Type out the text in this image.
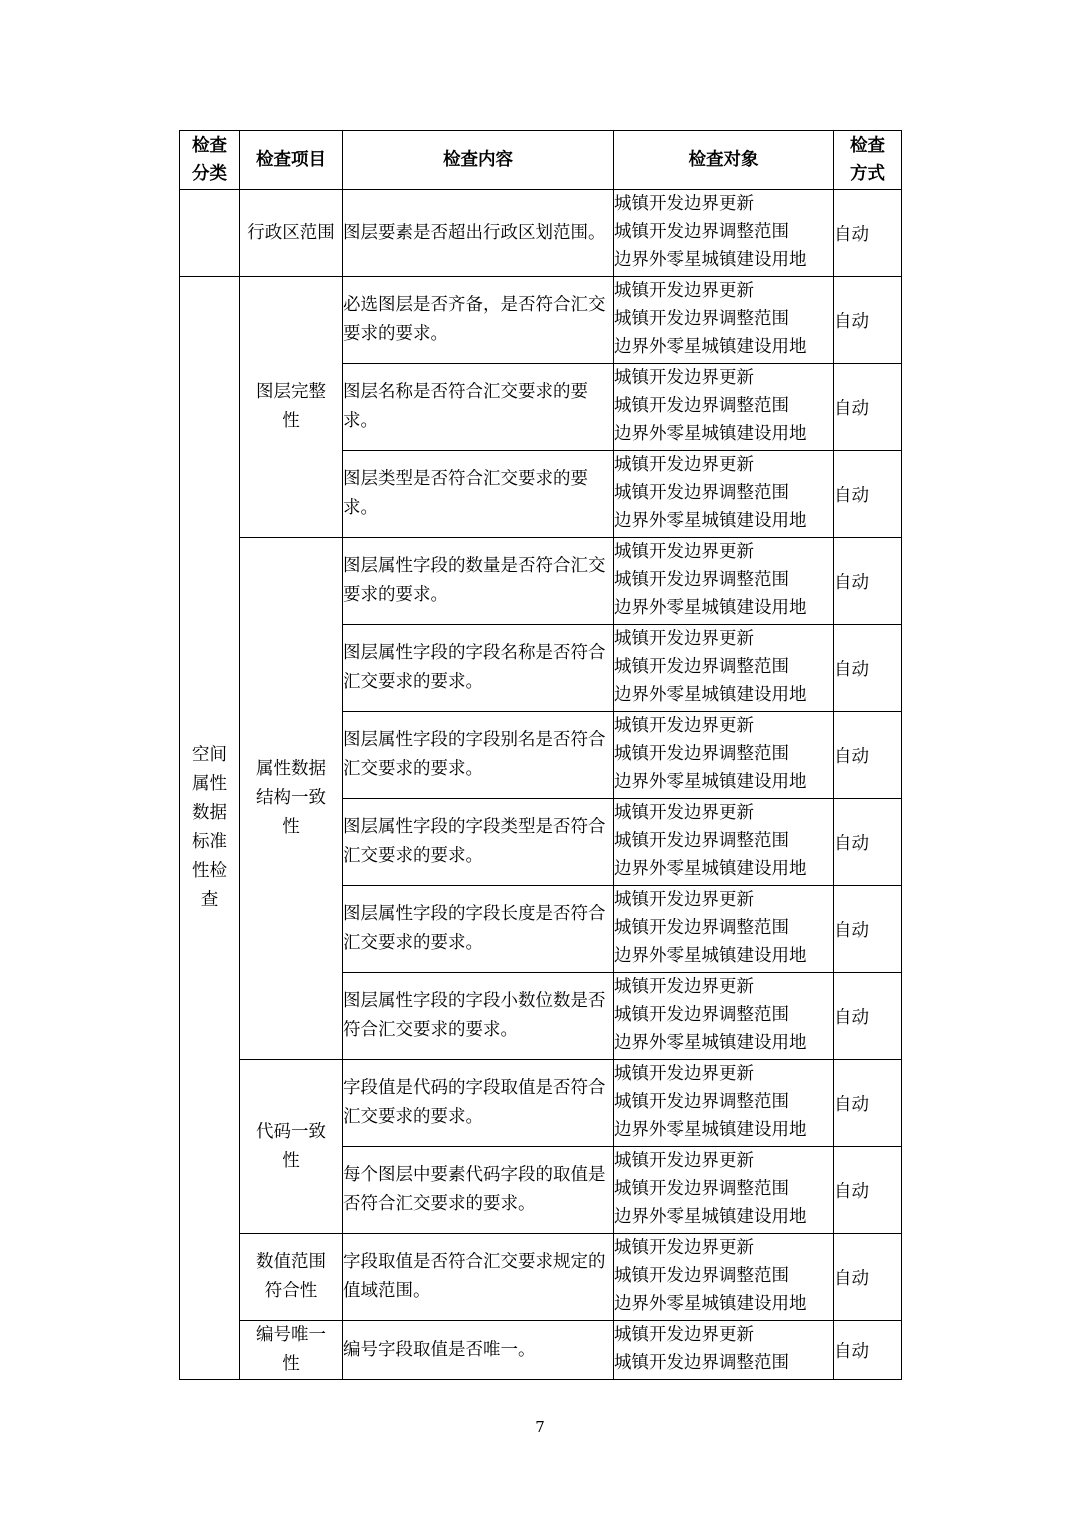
检查分类	检查项目	检查内容	检查对象	检查方式
	行政区范围	图层要素是否超出行政区划范围。	城镇开发边界更新
城镇开发边界调整范围
边界外零星城镇建设用地	自动
空间属性数据标准性检查	图层完整性	必选图层是否齐备，是否符合汇交要求的要求。	城镇开发边界更新
城镇开发边界调整范围
边界外零星城镇建设用地	自动
		图层名称是否符合汇交要求的要求。	城镇开发边界更新
城镇开发边界调整范围
边界外零星城镇建设用地	自动
		图层类型是否符合汇交要求的要求。	城镇开发边界更新
城镇开发边界调整范围
边界外零星城镇建设用地	自动
	属性数据结构一致性	图层属性字段的数量是否符合汇交要求的要求。	城镇开发边界更新
城镇开发边界调整范围
边界外零星城镇建设用地	自动
		图层属性字段的字段名称是否符合汇交要求的要求。	城镇开发边界更新
城镇开发边界调整范围
边界外零星城镇建设用地	自动
		图层属性字段的字段别名是否符合汇交要求的要求。	城镇开发边界更新
城镇开发边界调整范围
边界外零星城镇建设用地	自动
		图层属性字段的字段类型是否符合汇交要求的要求。	城镇开发边界更新
城镇开发边界调整范围
边界外零星城镇建设用地	自动
		图层属性字段的字段长度是否符合汇交要求的要求。	城镇开发边界更新
城镇开发边界调整范围
边界外零星城镇建设用地	自动
		图层属性字段的字段小数位数是否符合汇交要求的要求。	城镇开发边界更新
城镇开发边界调整范围
边界外零星城镇建设用地	自动
	代码一致性	字段值是代码的字段取值是否符合汇交要求的要求。	城镇开发边界更新
城镇开发边界调整范围
边界外零星城镇建设用地	自动
		每个图层中要素代码字段的取值是否符合汇交要求的要求。	城镇开发边界更新
城镇开发边界调整范围
边界外零星城镇建设用地	自动
	数值范围符合性	字段取值是否符合汇交要求规定的值域范围。	城镇开发边界更新
城镇开发边界调整范围
边界外零星城镇建设用地	自动
	编号唯一性	编号字段取值是否唯一。	城镇开发边界更新
城镇开发边界调整范围	自动
7
